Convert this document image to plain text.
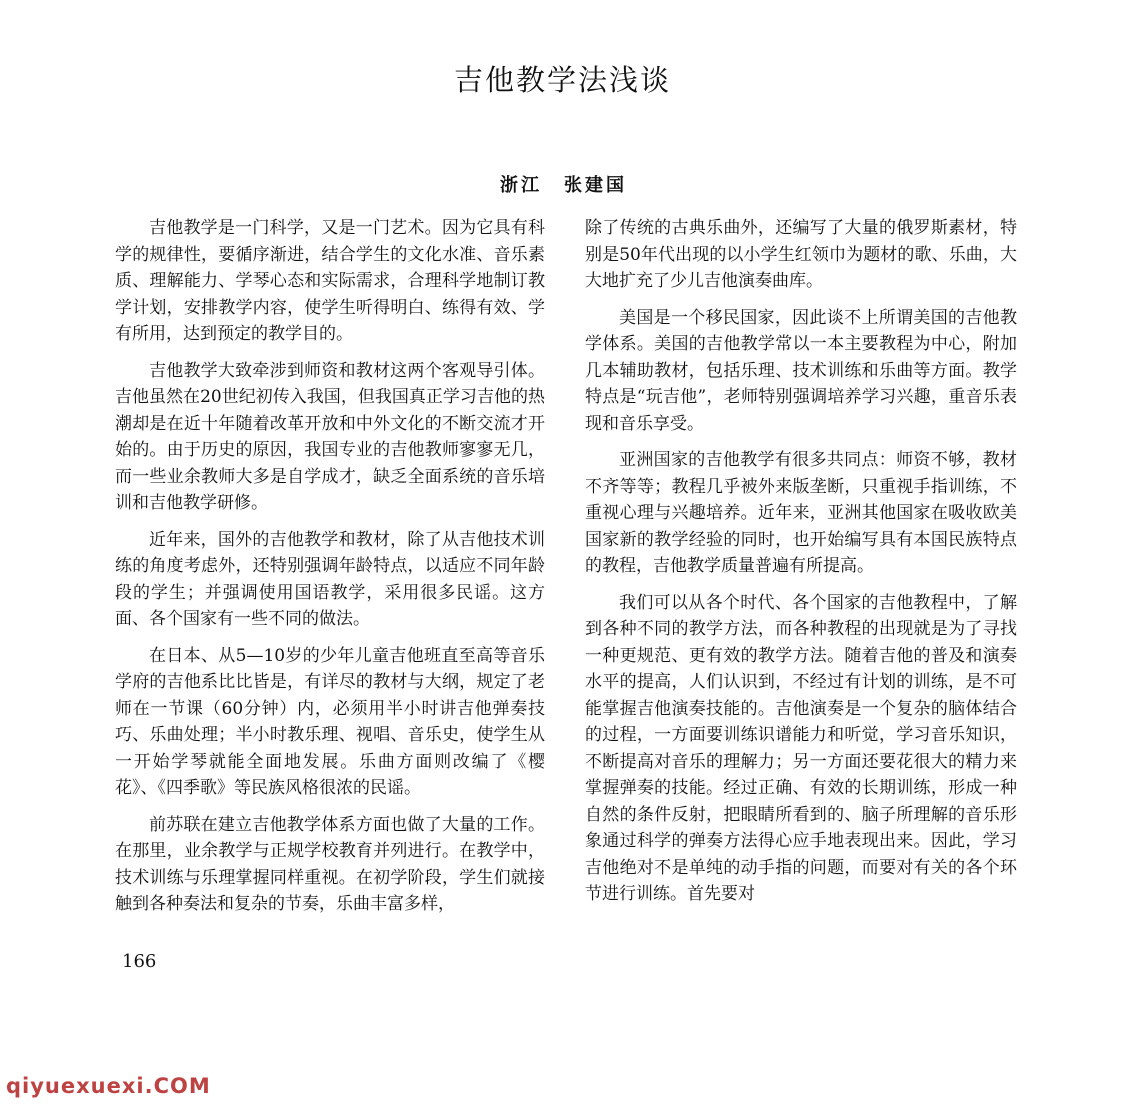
吉他教学法浅谈
浙江 张建国

吉他教学是一门科学，又是一门艺术。因为它具有科学的规律性，要循序渐进，结合学生的文化水准、音乐素质、理解能力、学琴心态和实际需求，合理科学地制订教学计划，安排教学内容，使学生听得明白、练得有效、学有所用，达到预定的教学目的。

吉他教学大致牵涉到师资和教材这两个客观导引体。吉他虽然在20世纪初传入我国，但我国真正学习吉他的热潮却是在近十年随着改革开放和中外文化的不断交流才开始的。由于历史的原因，我国专业的吉他教师寥寥无几，而一些业余教师大多是自学成才，缺乏全面系统的音乐培训和吉他教学研修。

近年来，国外的吉他教学和教材，除了从吉他技术训练的角度考虑外，还特别强调年龄特点，以适应不同年龄段的学生；并强调使用国语教学，采用很多民谣。这方面、各个国家有一些不同的做法。

在日本、从5—10岁的少年儿童吉他班直至高等音乐学府的吉他系比比皆是，有详尽的教材与大纲，规定了老师在一节课（60分钟）内，必须用半小时讲吉他弹奏技巧、乐曲处理；半小时教乐理、视唱、音乐史，使学生从一开始学琴就能全面地发展。乐曲方面则改编了《樱花》、《四季歌》等民族风格很浓的民谣。

前苏联在建立吉他教学体系方面也做了大量的工作。在那里，业余教学与正规学校教育并列进行。在教学中，技术训练与乐理掌握同样重视。在初学阶段，学生们就接触到各种奏法和复杂的节奏，乐曲丰富多样，

除了传统的古典乐曲外，还编写了大量的俄罗斯素材，特别是50年代出现的以小学生红领巾为题材的歌、乐曲，大大地扩充了少儿吉他演奏曲库。

美国是一个移民国家，因此谈不上所谓美国的吉他教学体系。美国的吉他教学常以一本主要教程为中心，附加几本辅助教材，包括乐理、技术训练和乐曲等方面。教学特点是“玩吉他”，老师特别强调培养学习兴趣，重音乐表现和音乐享受。

亚洲国家的吉他教学有很多共同点：师资不够，教材不齐等等；教程几乎被外来版垄断，只重视手指训练，不重视心理与兴趣培养。近年来，亚洲其他国家在吸收欧美国家新的教学经验的同时，也开始编写具有本国民族特点的教程，吉他教学质量普遍有所提高。

我们可以从各个时代、各个国家的吉他教程中，了解到各种不同的教学方法，而各种教程的出现就是为了寻找一种更规范、更有效的教学方法。随着吉他的普及和演奏水平的提高，人们认识到，不经过有计划的训练，是不可能掌握吉他演奏技能的。吉他演奏是一个复杂的脑体结合的过程，一方面要训练识谱能力和听觉，学习音乐知识，不断提高对音乐的理解力；另一方面还要花很大的精力来掌握弹奏的技能。经过正确、有效的长期训练，形成一种自然的条件反射，把眼睛所看到的、脑子所理解的音乐形象通过科学的弹奏方法得心应手地表现出来。因此，学习吉他绝对不是单纯的动手指的问题，而要对有关的各个环节进行训练。首先要对

166
qiyuexuexi.COM
